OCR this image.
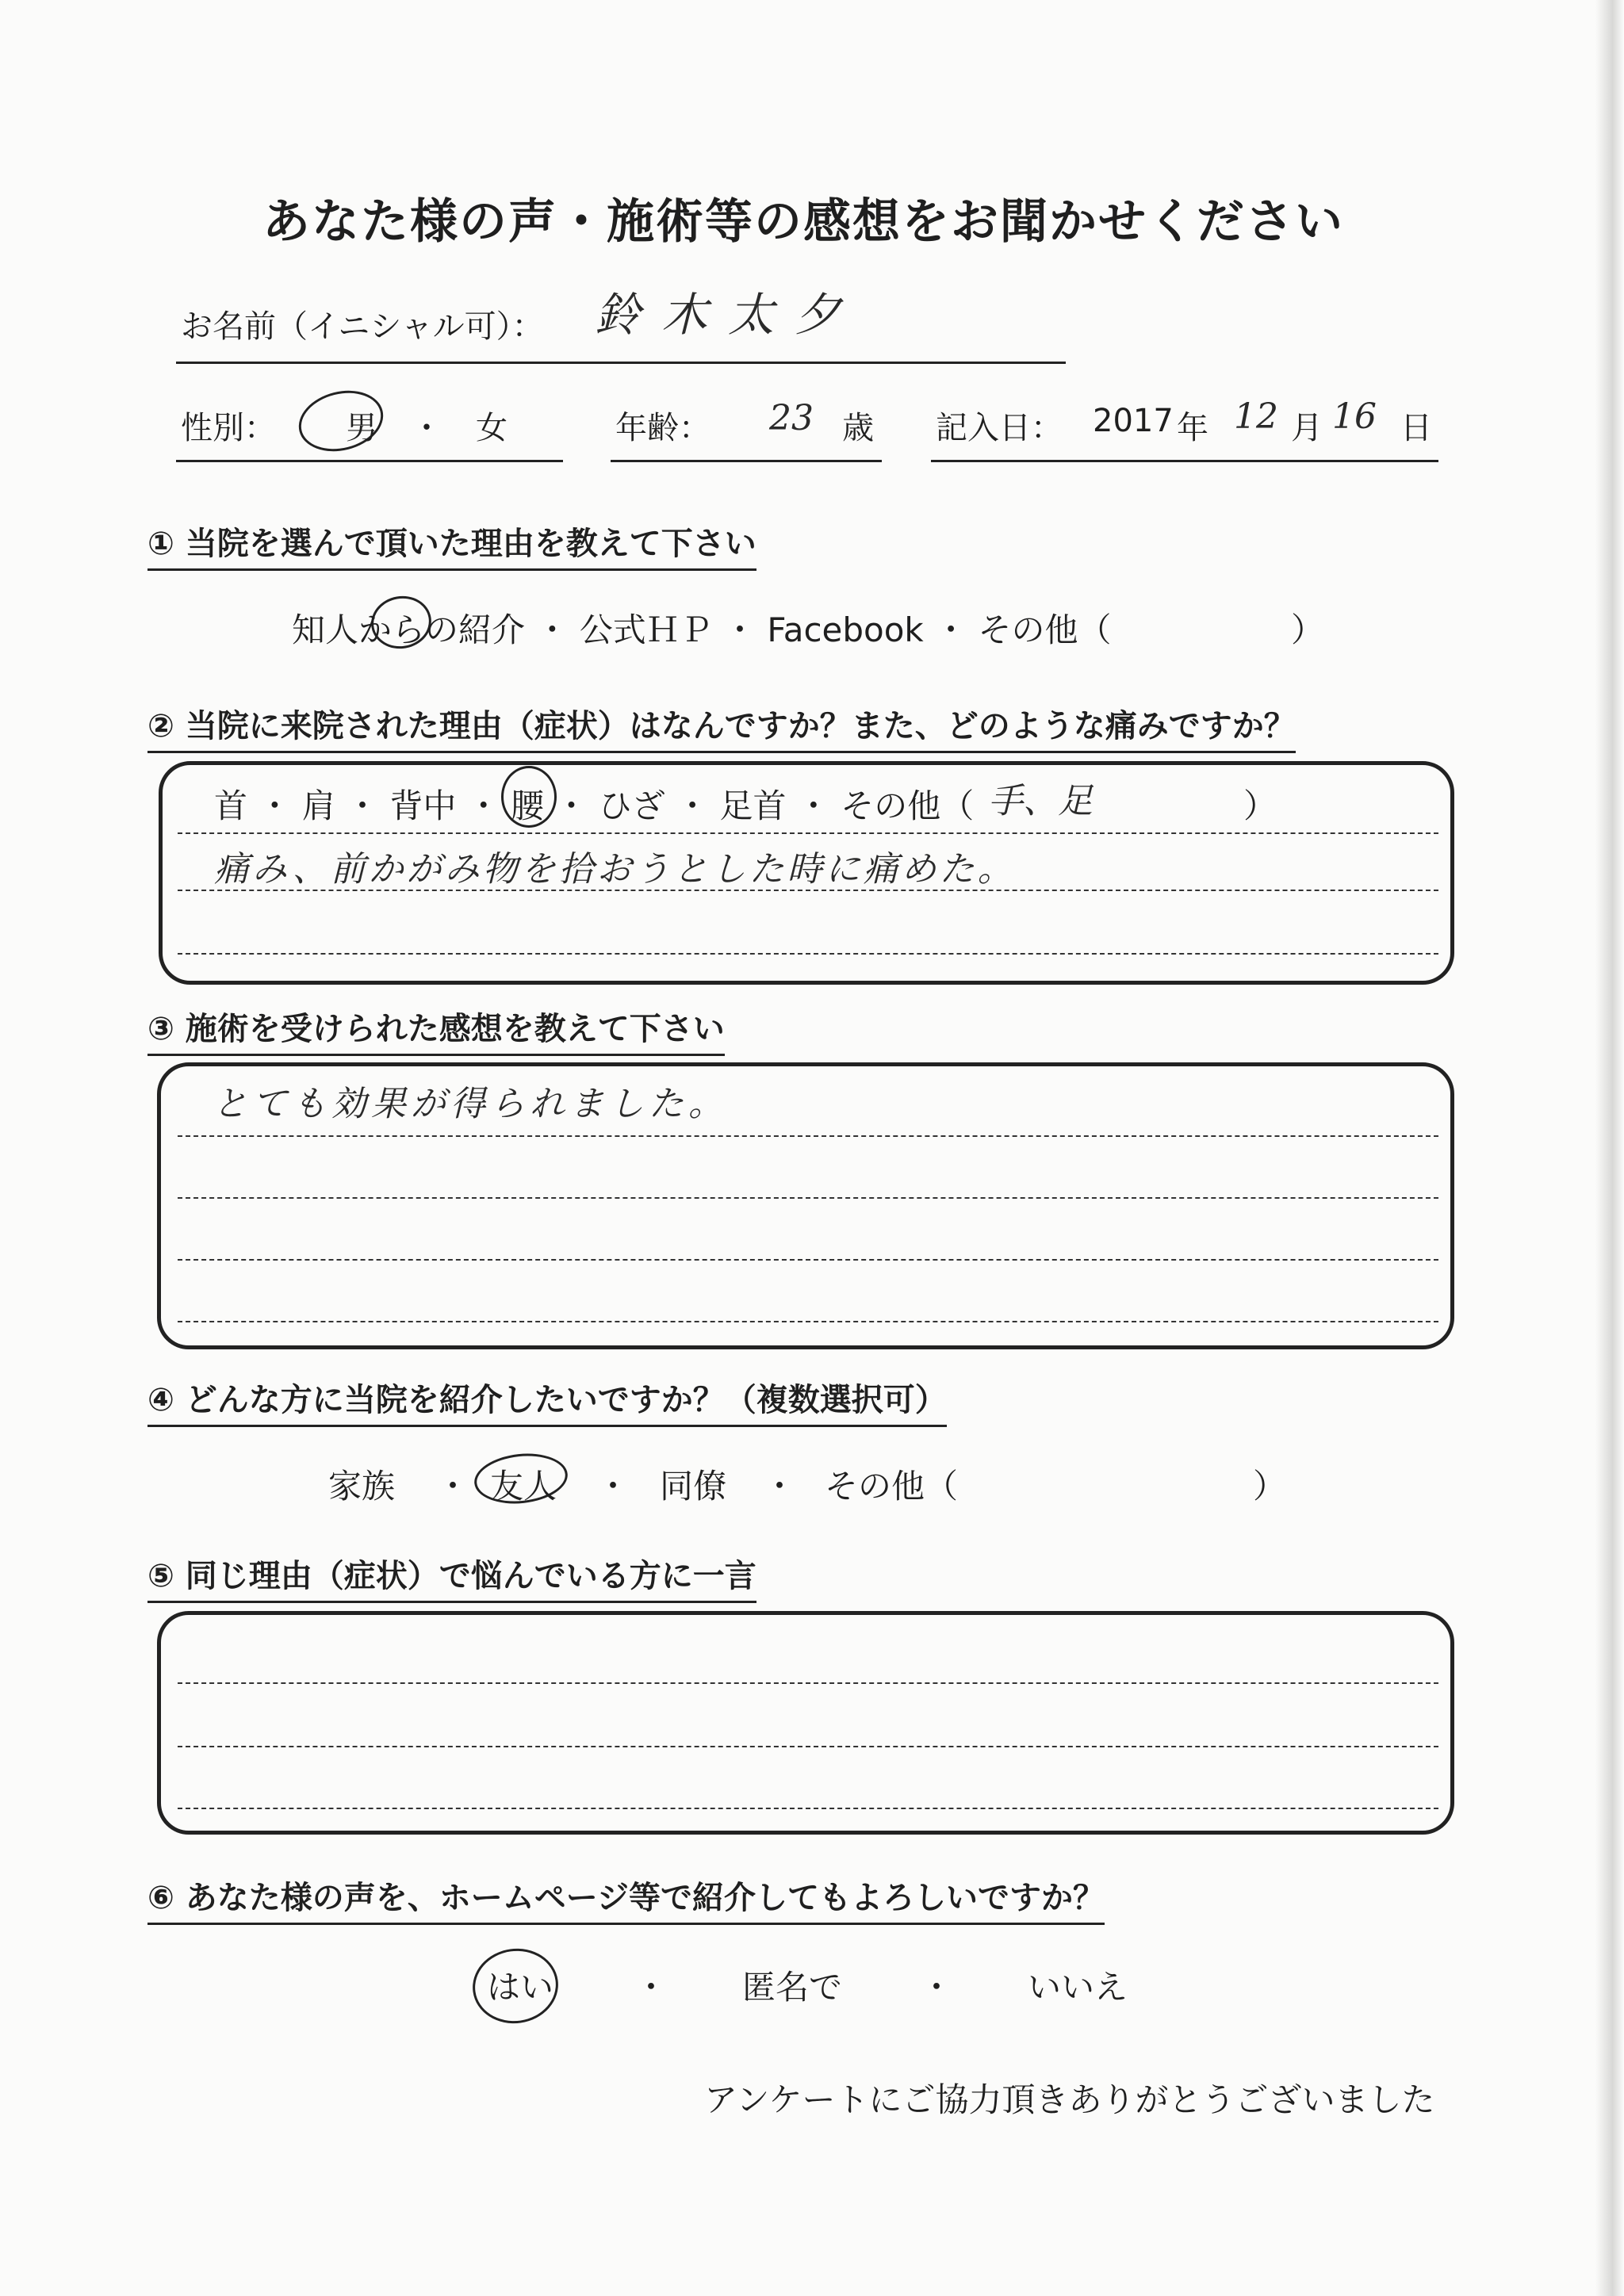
あなた様の声・施術等の感想をお聞かせください
お名前（イニシャル可）： 鈴木太夕
性別： 男 ・ 女	年齢： 23 歳 記入日： 2017 年 12 月 16 日
① 当院を選んで頂いた理由を教えて下さい
知人からの紹介 ・ 公式ＨＰ ・ Facebook ・ その他（	）
② 当院に来院された理由（症状）はなんですか？また、どのような痛みですか？
首 ・ 肩 ・ 背中 ・ 腰 ・ ひざ ・ 足首 ・ その他（ 手、足	）
痛み、前かがみ物を拾おうとした時に痛めた。
③ 施術を受けられた感想を教えて下さい
とても効果が得られました。
④ どんな方に当院を紹介したいですか？（複数選択可）
家族 ・ 友人 ・ 同僚 ・ その他（	）
⑤ 同じ理由（症状）で悩んでいる方に一言
⑥ あなた様の声を、ホームページ等で紹介してもよろしいですか？
はい ・ 匿名で ・ いいえ
アンケートにご協力頂きありがとうございました
